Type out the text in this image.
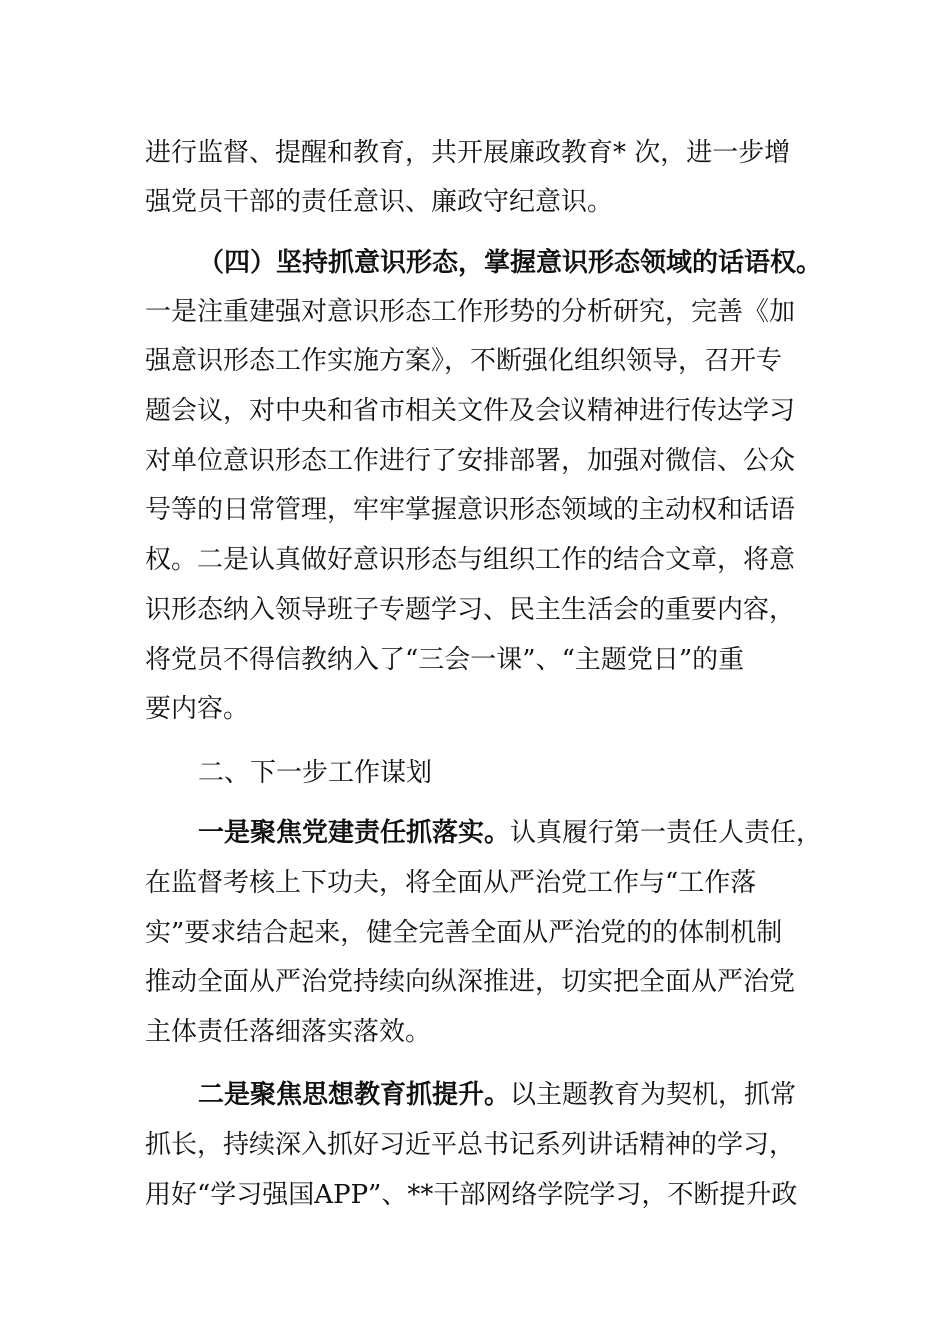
进行监督、提醒和教育，共开展廉政教育* 次，进一步增
强党员干部的责任意识、廉政守纪意识。
（四）坚持抓意识形态，掌握意识形态领域的话语权。
一是注重建强对意识形态工作形势的分析研究，完善《加
强意识形态工作实施方案》，不断强化组织领导，召开专
题会议，对中央和省市相关文件及会议精神进行传达学习
对单位意识形态工作进行了安排部署，加强对微信、公众
号等的日常管理，牢牢掌握意识形态领域的主动权和话语
权。二是认真做好意识形态与组织工作的结合文章，将意
识形态纳入领导班子专题学习、民主生活会的重要内容，
将党员不得信教纳入了“三会一课”、“主题党日”的重
要内容。
二、下一步工作谋划
一是聚焦党建责任抓落实。认真履行第一责任人责任，
在监督考核上下功夫，将全面从严治党工作与“工作落
实”要求结合起来，健全完善全面从严治党的的体制机制
推动全面从严治党持续向纵深推进，切实把全面从严治党
主体责任落细落实落效。
二是聚焦思想教育抓提升。以主题教育为契机，抓常
抓长，持续深入抓好习近平总书记系列讲话精神的学习，
用好“学习强国APP”、**干部网络学院学习，不断提升政
